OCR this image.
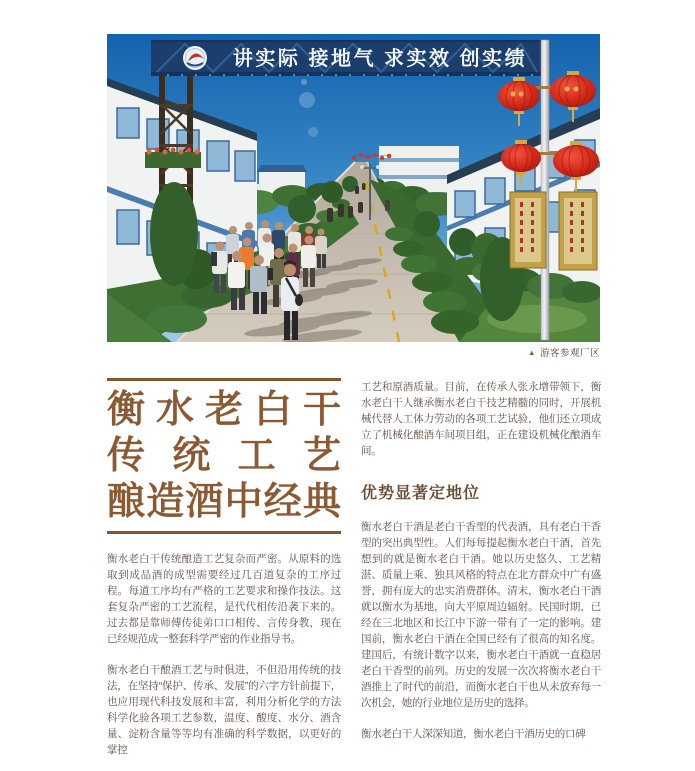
讲实际 接地气 求实效 创实绩
▲ 游客参观厂区
衡水老白干
传统工艺
酿造酒中经典

衡水老白干传统酿造工艺复杂而严密。从原料的选取到成品酒的成型需要经过几百道复杂的工序过程。每道工序均有严格的工艺要求和操作技法。这套复杂严密的工艺流程，是代代相传沿袭下来的。过去都是靠师傅传徒弟口口相传、言传身教，现在已经规范成一整套科学严密的作业指导书。

衡水老白干酿酒工艺与时俱进，不但沿用传统的技法，在坚持“保护、传承、发展”的六字方针前提下，也应用现代科技发展和丰富，利用分析化学的方法科学化验各项工艺参数，温度、酸度、水分、酒含量、淀粉含量等等均有准确的科学数据，以更好的掌控

工艺和原酒质量。目前，在传承人张永增带领下，衡水老白干人继承衡水老白干技艺精髓的同时，开展机械代替人工体力劳动的各项工艺试验，他们还立项成立了机械化酿酒车间项目组，正在建设机械化酿酒车间。

优势显著定地位

衡水老白干酒是老白干香型的代表酒，具有老白干香型的突出典型性。人们每每提起衡水老白干酒，首先想到的就是衡水老白干酒。她以历史悠久、工艺精湛、质量上乘、独具风格的特点在北方群众中广有盛誉，拥有庞大的忠实消费群体。清末，衡水老白干酒就以衡水为基地，向大平原周边辐射。民国时期，已经在三北地区和长江中下游一带有了一定的影响。建国前，衡水老白干酒在全国已经有了很高的知名度。建国后，有统计数字以来，衡水老白干酒就一直稳居老白干香型的前列。历史的发展一次次将衡水老白干酒推上了时代的前沿，而衡水老白干也从未放弃每一次机会，她的行业地位是历史的选择。

衡水老白干人深深知道，衡水老白干酒历史的口碑
